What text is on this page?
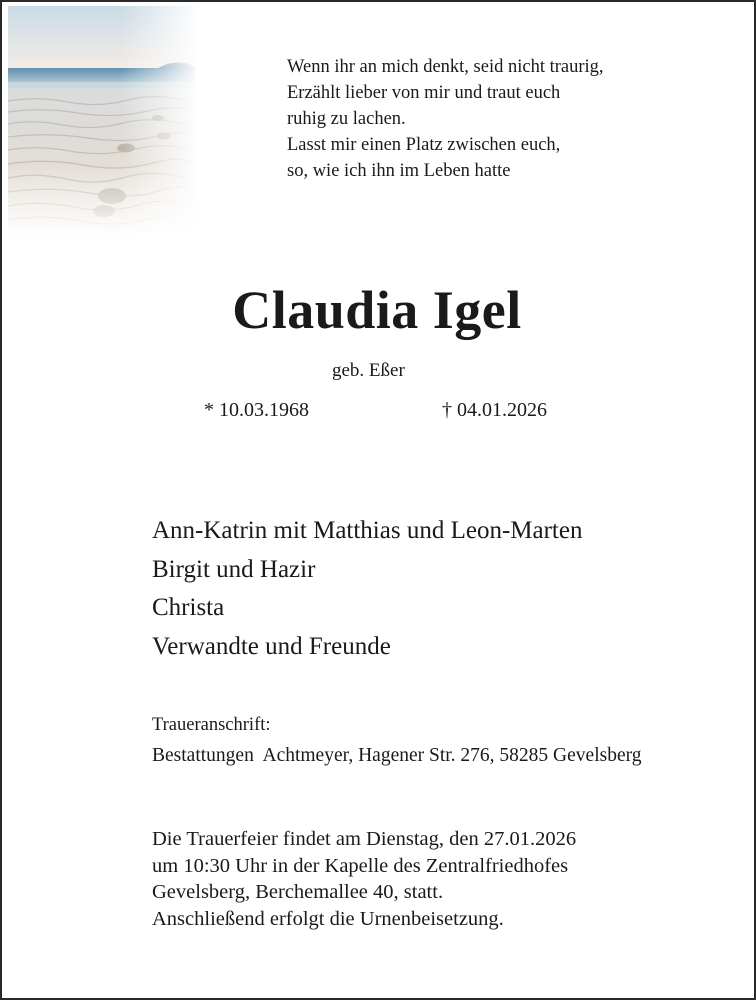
Wenn ihr an mich denkt, seid nicht traurig,
Erzählt lieber von mir und traut euch
ruhig zu lachen.
Lasst mir einen Platz zwischen euch,
so, wie ich ihn im Leben hatte
Claudia Igel
geb. Eßer
* 10.03.1968	† 04.01.2026
Ann-Katrin mit Matthias und Leon-Marten
Birgit und Hazir
Christa
Verwandte und Freunde
Traueranschrift:
Bestattungen  Achtmeyer, Hagener Str. 276, 58285 Gevelsberg
Die Trauerfeier findet am Dienstag, den 27.01.2026
um 10:30 Uhr in der Kapelle des Zentralfriedhofes
Gevelsberg, Berchemallee 40, statt.
Anschließend erfolgt die Urnenbeisetzung.
